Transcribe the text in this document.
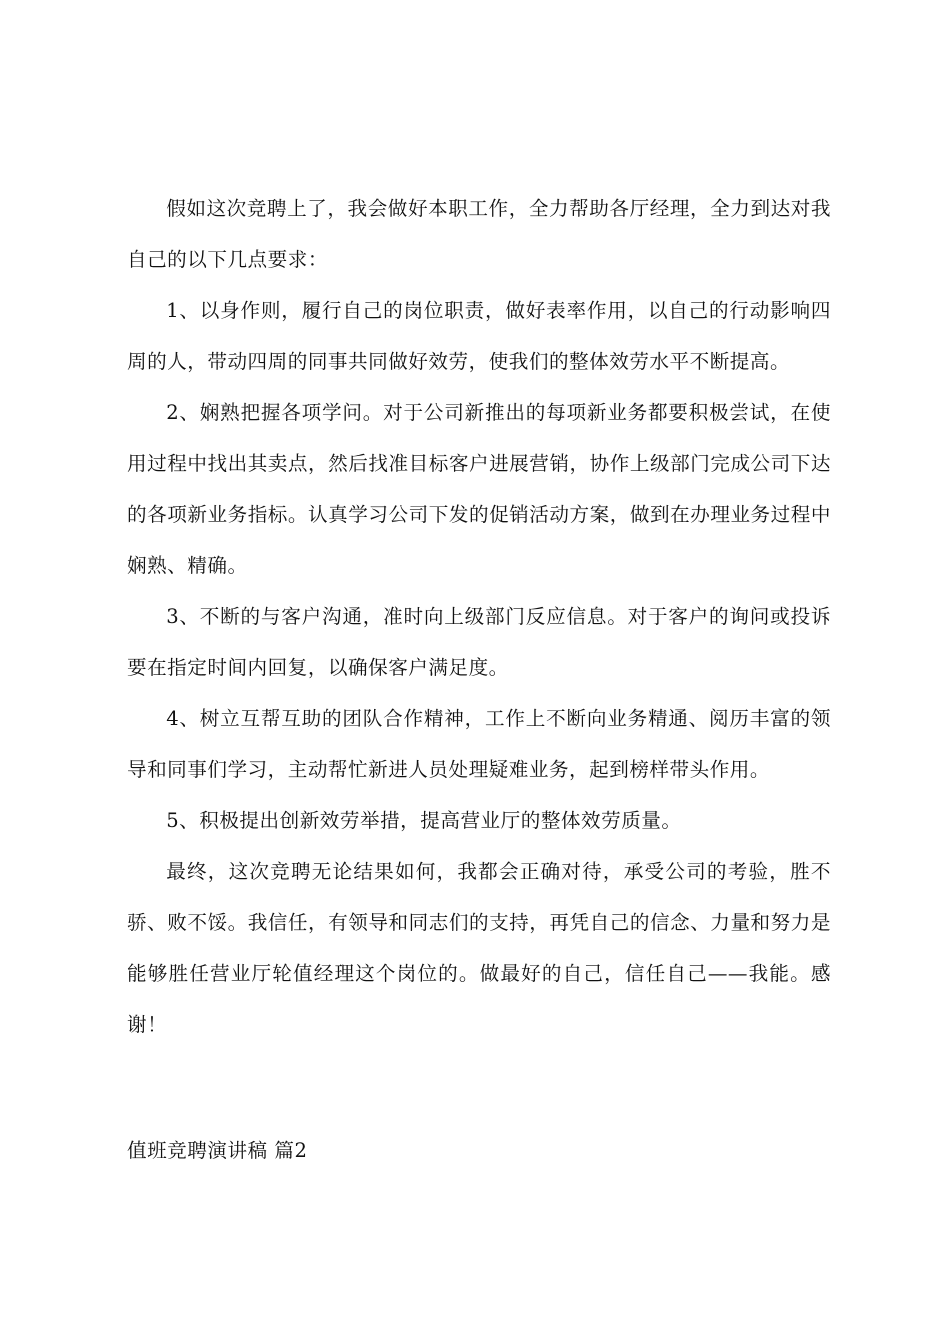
假如这次竞聘上了，我会做好本职工作，全力帮助各厅经理，全力到达对我自己的以下几点要求：

1、以身作则，履行自己的岗位职责，做好表率作用，以自己的行动影响四周的人，带动四周的同事共同做好效劳，使我们的整体效劳水平不断提高。

2、娴熟把握各项学问。对于公司新推出的每项新业务都要积极尝试，在使用过程中找出其卖点，然后找准目标客户进展营销，协作上级部门完成公司下达的各项新业务指标。认真学习公司下发的促销活动方案，做到在办理业务过程中娴熟、精确。

3、不断的与客户沟通，准时向上级部门反应信息。对于客户的询问或投诉要在指定时间内回复，以确保客户满足度。

4、树立互帮互助的团队合作精神，工作上不断向业务精通、阅历丰富的领导和同事们学习，主动帮忙新进人员处理疑难业务，起到榜样带头作用。

5、积极提出创新效劳举措，提高营业厅的整体效劳质量。

最终，这次竞聘无论结果如何，我都会正确对待，承受公司的考验，胜不骄、败不馁。我信任，有领导和同志们的支持，再凭自己的信念、力量和努力是能够胜任营业厅轮值经理这个岗位的。做最好的自己，信任自己——我能。感谢！

值班竞聘演讲稿 篇2
